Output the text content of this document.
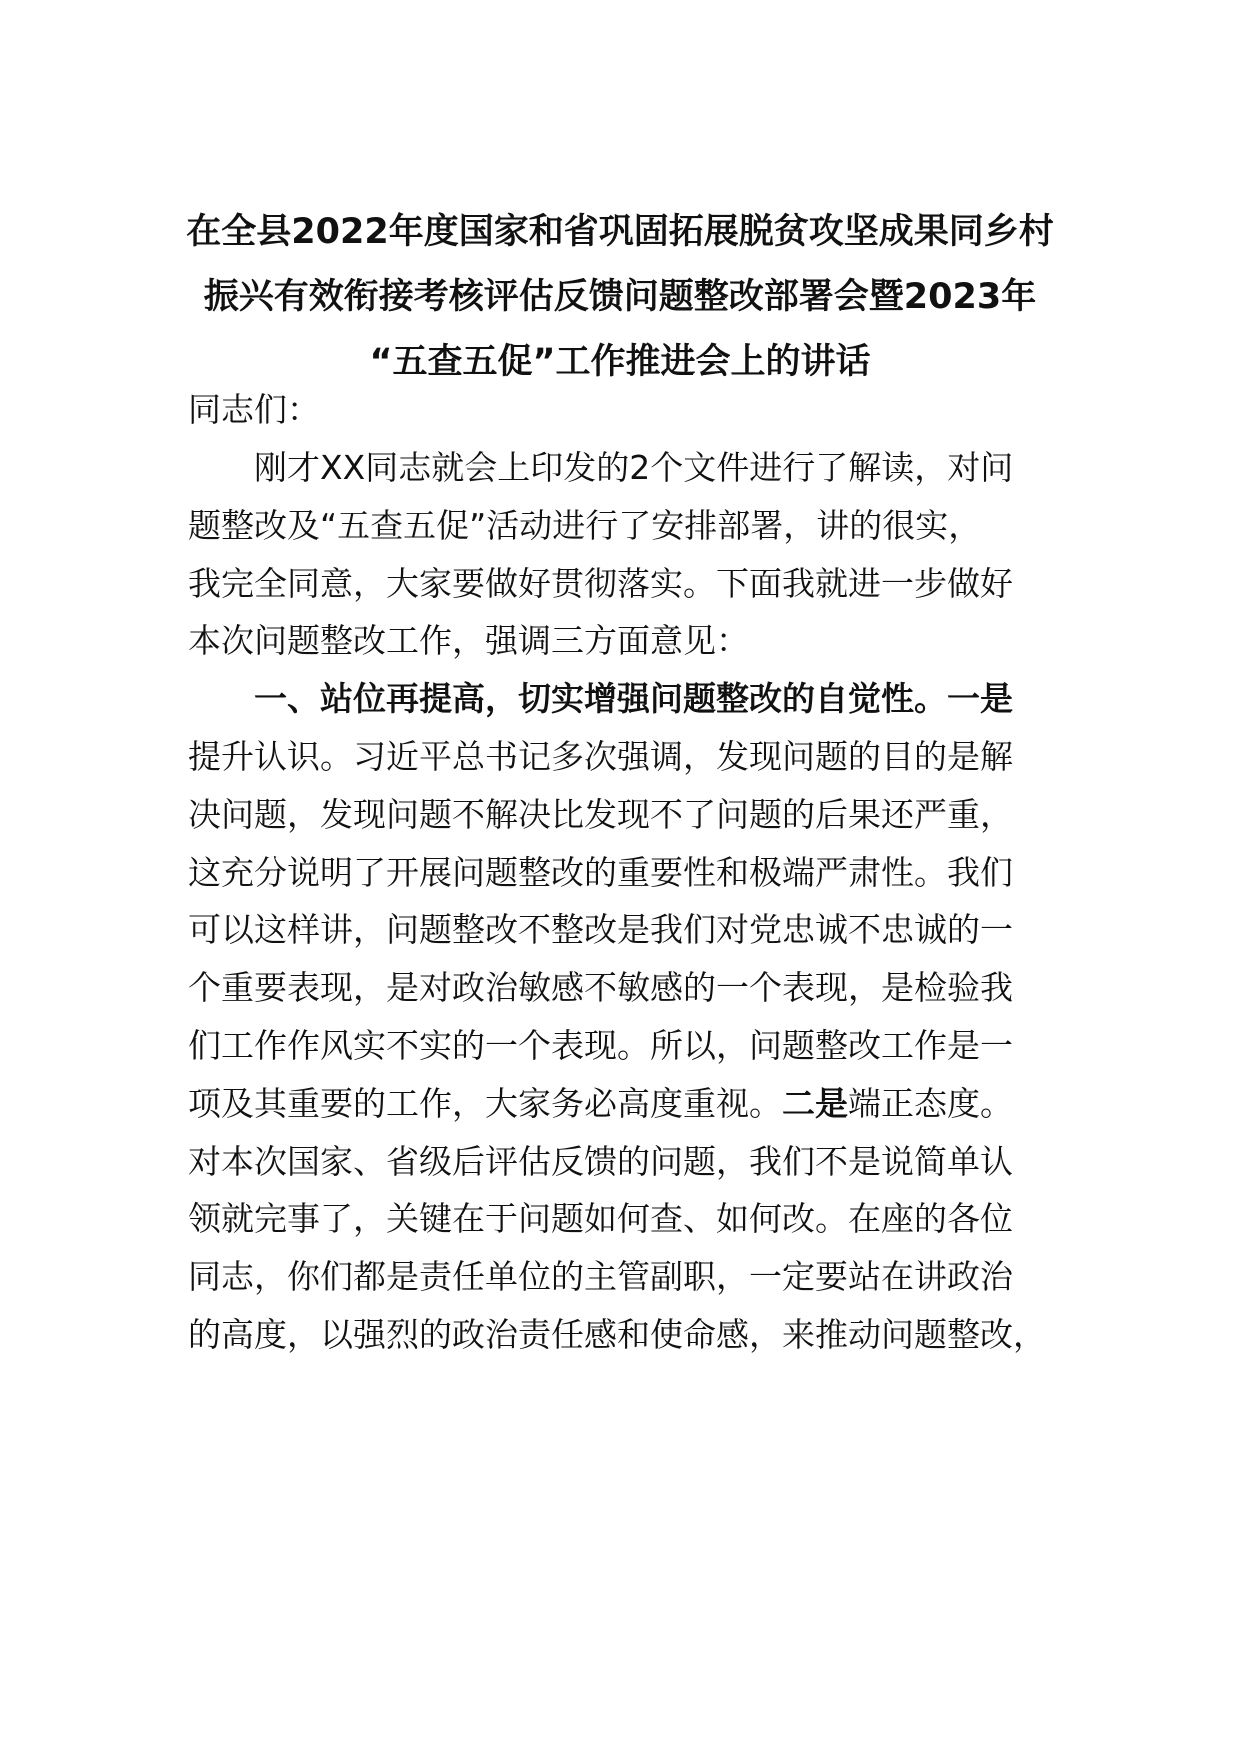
在全县2022年度国家和省巩固拓展脱贫攻坚成果同乡村
振兴有效衔接考核评估反馈问题整改部署会暨2023年
“五查五促”工作推进会上的讲话
同志们：
刚才XX同志就会上印发的2个文件进行了解读，对问
题整改及“五查五促”活动进行了安排部署，讲的很实，
我完全同意，大家要做好贯彻落实。下面我就进一步做好
本次问题整改工作，强调三方面意见：
一、站位再提高，切实增强问题整改的自觉性。一是
提升认识。习近平总书记多次强调，发现问题的目的是解
决问题，发现问题不解决比发现不了问题的后果还严重，
这充分说明了开展问题整改的重要性和极端严肃性。我们
可以这样讲，问题整改不整改是我们对党忠诚不忠诚的一
个重要表现，是对政治敏感不敏感的一个表现，是检验我
们工作作风实不实的一个表现。所以，问题整改工作是一
项及其重要的工作，大家务必高度重视。二是端正态度。
对本次国家、省级后评估反馈的问题，我们不是说简单认
领就完事了，关键在于问题如何查、如何改。在座的各位
同志，你们都是责任单位的主管副职，一定要站在讲政治
的高度，以强烈的政治责任感和使命感，来推动问题整改，
